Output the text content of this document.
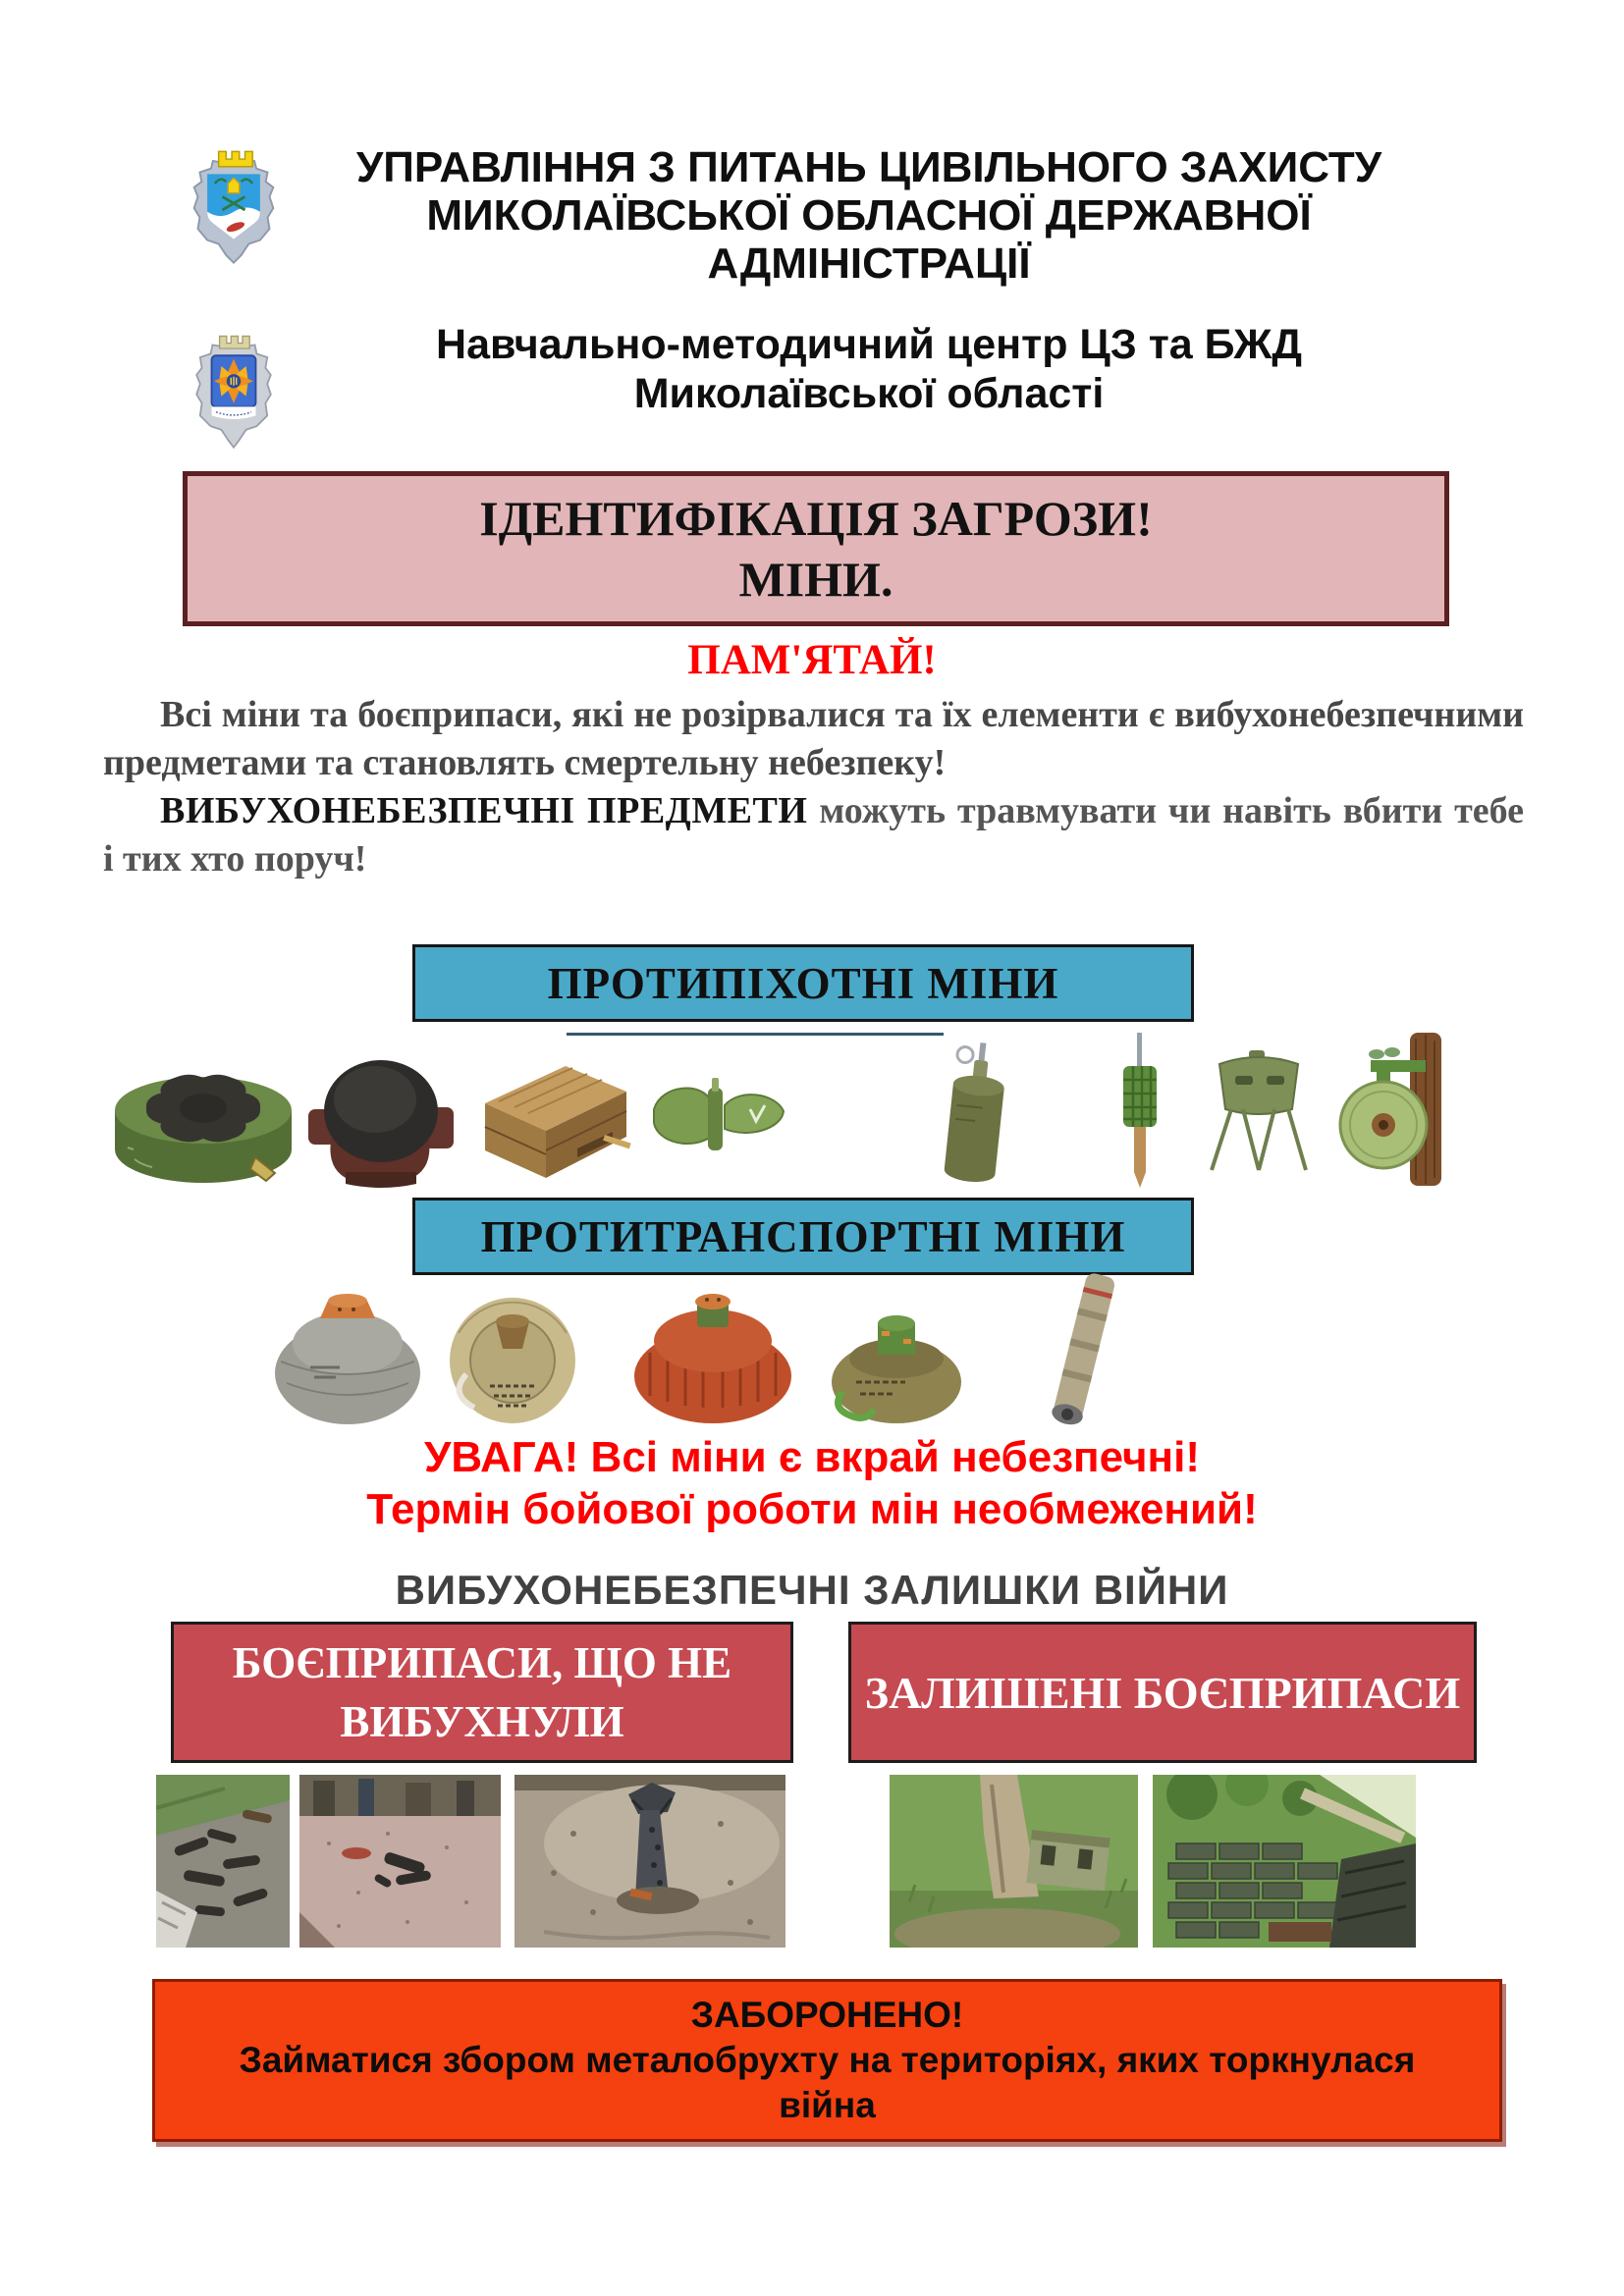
УПРАВЛІННЯ З ПИТАНЬ ЦИВІЛЬНОГО ЗАХИСТУ
МИКОЛАЇВСЬКОЇ ОБЛАСНОЇ ДЕРЖАВНОЇ
АДМІНІСТРАЦІЇ
Навчально-методичний центр ЦЗ та БЖД
Миколаївської області
ІДЕНТИФІКАЦІЯ ЗАГРОЗИ!
МІНИ.
ПАМ'ЯТАЙ!

Всі міни та боєприпаси, які не розірвалися та їх елементи є вибухонебезпечними предметами та становлять смертельну небезпеку!

ВИБУХОНЕБЕЗПЕЧНІ ПРЕДМЕТИ можуть травмувати чи навіть вбити тебе і тих хто поруч!

ПРОТИПІХОТНІ МІНИ
ПРОТИТРАНСПОРТНІ МІНИ
УВАГА! Всі міни є вкрай небезпечні!
Термін бойової роботи мін необмежений!
ВИБУХОНЕБЕЗПЕЧНІ ЗАЛИШКИ ВІЙНИ
БОЄПРИПАСИ, ЩО НЕ
ВИБУХНУЛИ
ЗАЛИШЕНІ БОЄПРИПАСИ
ЗАБОРОНЕНО!
Займатися збором металобрухту на територіях, яких торкнулася війна
